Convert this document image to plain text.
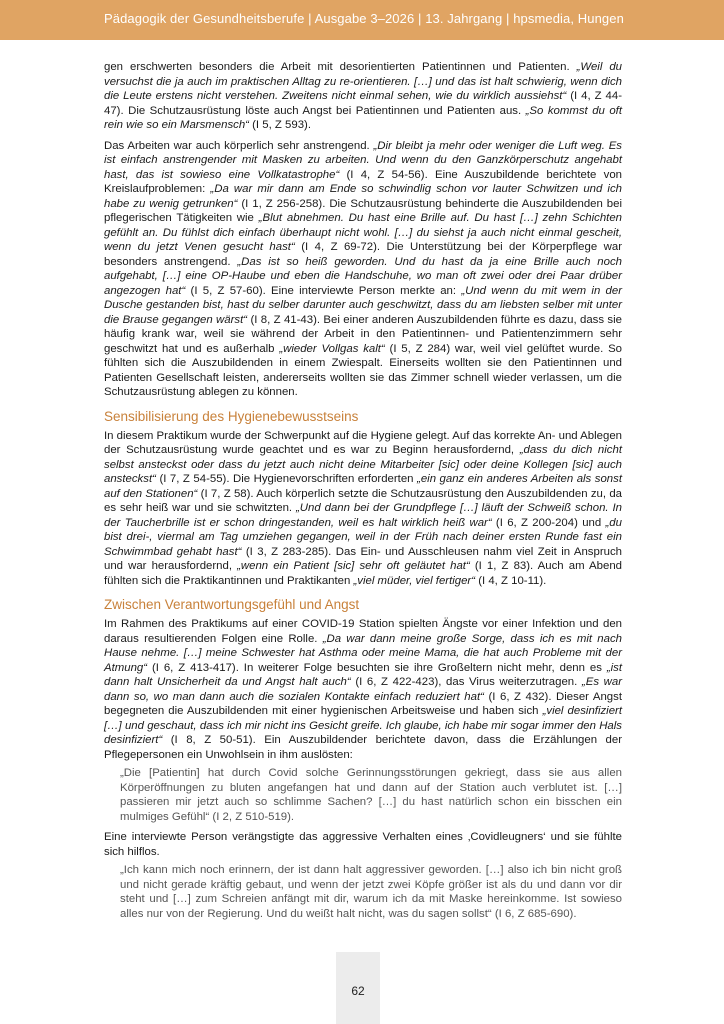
Pädagogik der Gesundheitsberufe | Ausgabe 3–2026 | 13. Jahrgang | hpsmedia, Hungen

gen erschwerten besonders die Arbeit mit desorientierten Patientinnen und Patienten. „Weil du versuchst die ja auch im praktischen Alltag zu re-orientieren. […] und das ist halt schwierig, wenn dich die Leute erstens nicht verstehen. Zweitens nicht einmal sehen, wie du wirklich aussiehst“ (I 4, Z 44-47). Die Schutzausrüstung löste auch Angst bei Patientinnen und Patienten aus. „So kommst du oft rein wie so ein Marsmensch“ (I 5, Z 593).

Das Arbeiten war auch körperlich sehr anstrengend. „Dir bleibt ja mehr oder weniger die Luft weg. Es ist einfach anstrengender mit Masken zu arbeiten. Und wenn du den Ganzkörperschutz angehabt hast, das ist sowieso eine Vollkatastrophe“ (I 4, Z 54-56). Eine Auszubildende berichtete von Kreislaufproblemen: „Da war mir dann am Ende so schwindlig schon vor lauter Schwitzen und ich habe zu wenig getrunken“ (I 1, Z 256-258). Die Schutzausrüstung behinderte die Auszubildenden bei pflegerischen Tätigkeiten wie „Blut abnehmen. Du hast eine Brille auf. Du hast […] zehn Schichten gefühlt an. Du fühlst dich einfach überhaupt nicht wohl. […] du siehst ja auch nicht einmal gescheit, wenn du jetzt Venen gesucht hast“ (I 4, Z 69-72). Die Unterstützung bei der Körperpflege war besonders anstrengend. „Das ist so heiß geworden. Und du hast da ja eine Brille auch noch aufgehabt, […] eine OP-Haube und eben die Handschuhe, wo man oft zwei oder drei Paar drüber angezogen hat“ (I 5, Z 57-60). Eine interviewte Person merkte an: „Und wenn du mit wem in der Dusche gestanden bist, hast du selber darunter auch geschwitzt, dass du am liebsten selber mit unter die Brause gegangen wärst“ (I 8, Z 41-43). Bei einer anderen Auszubildenden führte es dazu, dass sie häufig krank war, weil sie während der Arbeit in den Patientinnen- und Patientenzimmern sehr geschwitzt hat und es außerhalb „wieder Vollgas kalt“ (I 5, Z 284) war, weil viel gelüftet wurde. So fühlten sich die Auszubildenden in einem Zwiespalt. Einerseits wollten sie den Patientinnen und Patienten Gesellschaft leisten, andererseits wollten sie das Zimmer schnell wieder verlassen, um die Schutzausrüstung ablegen zu können.

Sensibilisierung des Hygienebewusstseins

In diesem Praktikum wurde der Schwerpunkt auf die Hygiene gelegt. Auf das korrekte An- und Ablegen der Schutzausrüstung wurde geachtet und es war zu Beginn herausfordernd, „dass du dich nicht selbst ansteckst oder dass du jetzt auch nicht deine Mitarbeiter [sic] oder deine Kollegen [sic] auch ansteckst“ (I 7, Z 54-55). Die Hygienevorschriften erforderten „ein ganz ein anderes Arbeiten als sonst auf den Stationen“ (I 7, Z 58). Auch körperlich setzte die Schutzausrüstung den Auszubildenden zu, da es sehr heiß war und sie schwitzten. „Und dann bei der Grundpflege […] läuft der Schweiß schon. In der Taucherbrille ist er schon dringestanden, weil es halt wirklich heiß war“ (I 6, Z 200-204) und „du bist drei-, viermal am Tag umziehen gegangen, weil in der Früh nach deiner ersten Runde fast ein Schwimmbad gehabt hast“ (I 3, Z 283-285). Das Ein- und Ausschleusen nahm viel Zeit in Anspruch und war herausfordernd, „wenn ein Patient [sic] sehr oft geläutet hat“ (I 1, Z 83). Auch am Abend fühlten sich die Praktikantinnen und Praktikanten „viel müder, viel fertiger“ (I 4, Z 10-11).

Zwischen Verantwortungsgefühl und Angst

Im Rahmen des Praktikums auf einer COVID-19 Station spielten Ängste vor einer Infektion und den daraus resultierenden Folgen eine Rolle. „Da war dann meine große Sorge, dass ich es mit nach Hause nehme. […] meine Schwester hat Asthma oder meine Mama, die hat auch Probleme mit der Atmung“ (I 6, Z 413-417). In weiterer Folge besuchten sie ihre Großeltern nicht mehr, denn es „ist dann halt Unsicherheit da und Angst halt auch“ (I 6, Z 422-423), das Virus weiterzutragen. „Es war dann so, wo man dann auch die sozialen Kontakte einfach reduziert hat“ (I 6, Z 432). Dieser Angst begegneten die Auszubildenden mit einer hygienischen Arbeitsweise und haben sich „viel desinfiziert […] und geschaut, dass ich mir nicht ins Gesicht greife. Ich glaube, ich habe mir sogar immer den Hals desinfiziert“ (I 8, Z 50-51). Ein Auszubildender berichtete davon, dass die Erzählungen der Pflegepersonen ein Unwohlsein in ihm auslösten:

„Die [Patientin] hat durch Covid solche Gerinnungsstörungen gekriegt, dass sie aus allen Körperöffnungen zu bluten angefangen hat und dann auf der Station auch verblutet ist. […] passieren mir jetzt auch so schlimme Sachen? […] du hast natürlich schon ein bisschen ein mulmiges Gefühl“ (I 2, Z 510-519).

Eine interviewte Person verängstigte das aggressive Verhalten eines ‚Covidleugners‘ und sie fühlte sich hilflos.

„Ich kann mich noch erinnern, der ist dann halt aggressiver geworden. […] also ich bin nicht groß und nicht gerade kräftig gebaut, und wenn der jetzt zwei Köpfe größer ist als du und dann vor dir steht und […] zum Schreien anfängt mit dir, warum ich da mit Maske hereinkomme. Ist sowieso alles nur von der Regierung. Und du weißt halt nicht, was du sagen sollst“ (I 6, Z 685-690).
62
